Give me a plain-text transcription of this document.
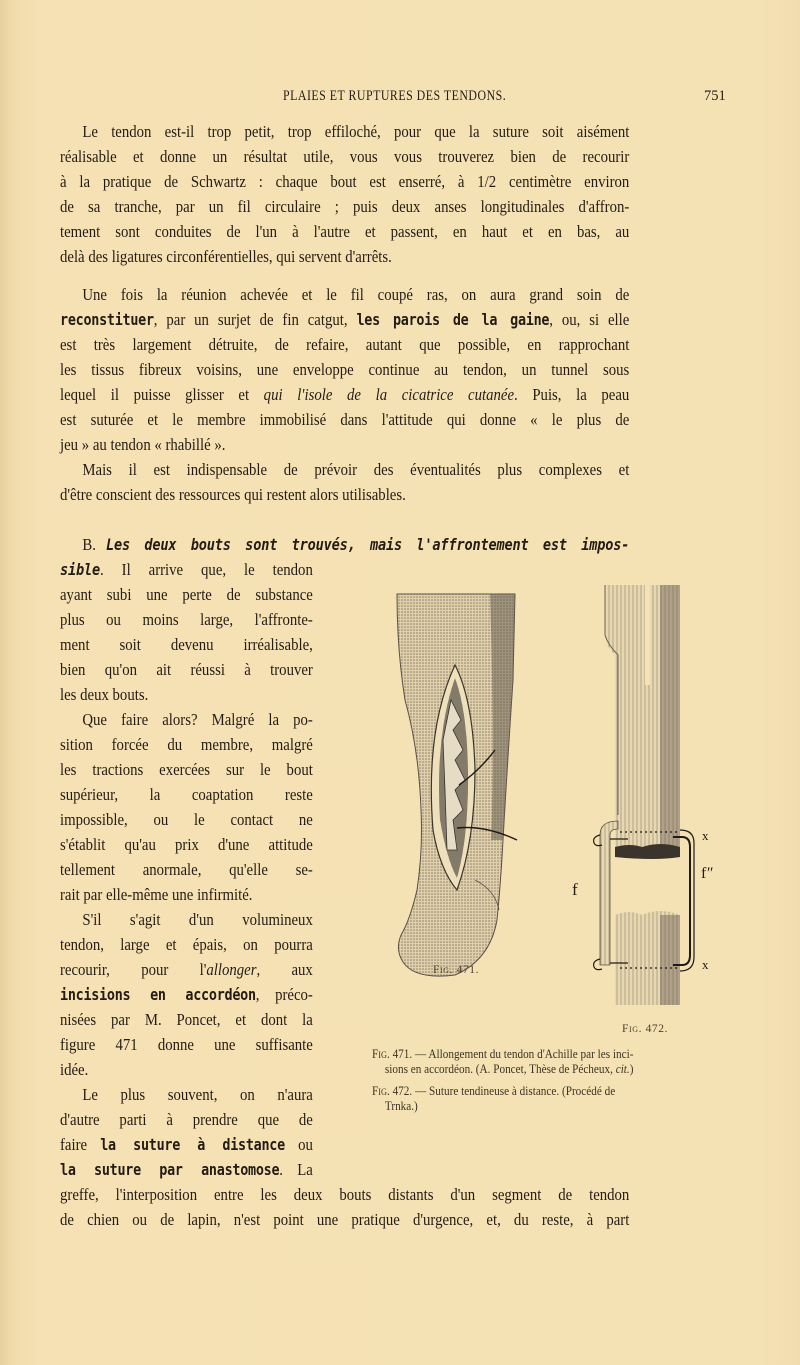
PLAIES ET RUPTURES DES TENDONS.	751
Le tendon est-il trop petit, trop effiloché, pour que la suture soit aisément
réalisable et donne un résultat utile, vous vous trouverez bien de recourir
à la pratique de Schwartz : chaque bout est enserré, à 1/2 centimètre environ
de sa tranche, par un fil circulaire ; puis deux anses longitudinales d'affron-
tement sont conduites de l'un à l'autre et passent, en haut et en bas, au
delà des ligatures circonférentielles, qui servent d'arrêts.
Une fois la réunion achevée et le fil coupé ras, on aura grand soin de
reconstituer, par un surjet de fin catgut, les parois de la gaine, ou, si elle
est très largement détruite, de refaire, autant que possible, en rapprochant
les tissus fibreux voisins, une enveloppe continue au tendon, un tunnel sous
lequel il puisse glisser et qui l'isole de la cicatrice cutanée. Puis, la peau
est suturée et le membre immobilisé dans l'attitude qui donne « le plus de
jeu » au tendon « rhabillé ».
Mais il est indispensable de prévoir des éventualités plus complexes et
d'être conscient des ressources qui restent alors utilisables.
B. Les deux bouts sont trouvés, mais l'affrontement est impos-
sible. Il arrive que, le tendon
ayant subi une perte de substance
plus ou moins large, l'affronte-
ment soit devenu irréalisable,
bien qu'on ait réussi à trouver
les deux bouts.
Que faire alors? Malgré la po-
sition forcée du membre, malgré
les tractions exercées sur le bout
supérieur, la coaptation reste
impossible, ou le contact ne
s'établit qu'au prix d'une attitude
tellement anormale, qu'elle se-
rait par elle-même une infirmité.
S'il s'agit d'un volumineux
tendon, large et épais, on pourra
recourir, pour l'allonger, aux
incisions en accordéon, préco-
nisées par M. Poncet, et dont la
figure 471 donne une suffisante
idée.
Le plus souvent, on n'aura
d'autre parti à prendre que de
faire la suture à distance ou
la suture par anastomose. La
greffe, l'interposition entre les deux bouts distants d'un segment de tendon
de chien ou de lapin, n'est point une pratique d'urgence, et, du reste, à part
Fig. 471.
f
f″
x
x
Fig. 472.
Fig. 471. — Allongement du tendon d'Achille par les inci-
sions en accordéon. (A. Poncet, Thèse de Pécheux, cit.)
Fig. 472. — Suture tendineuse à distance. (Procédé de
Trnka.)
